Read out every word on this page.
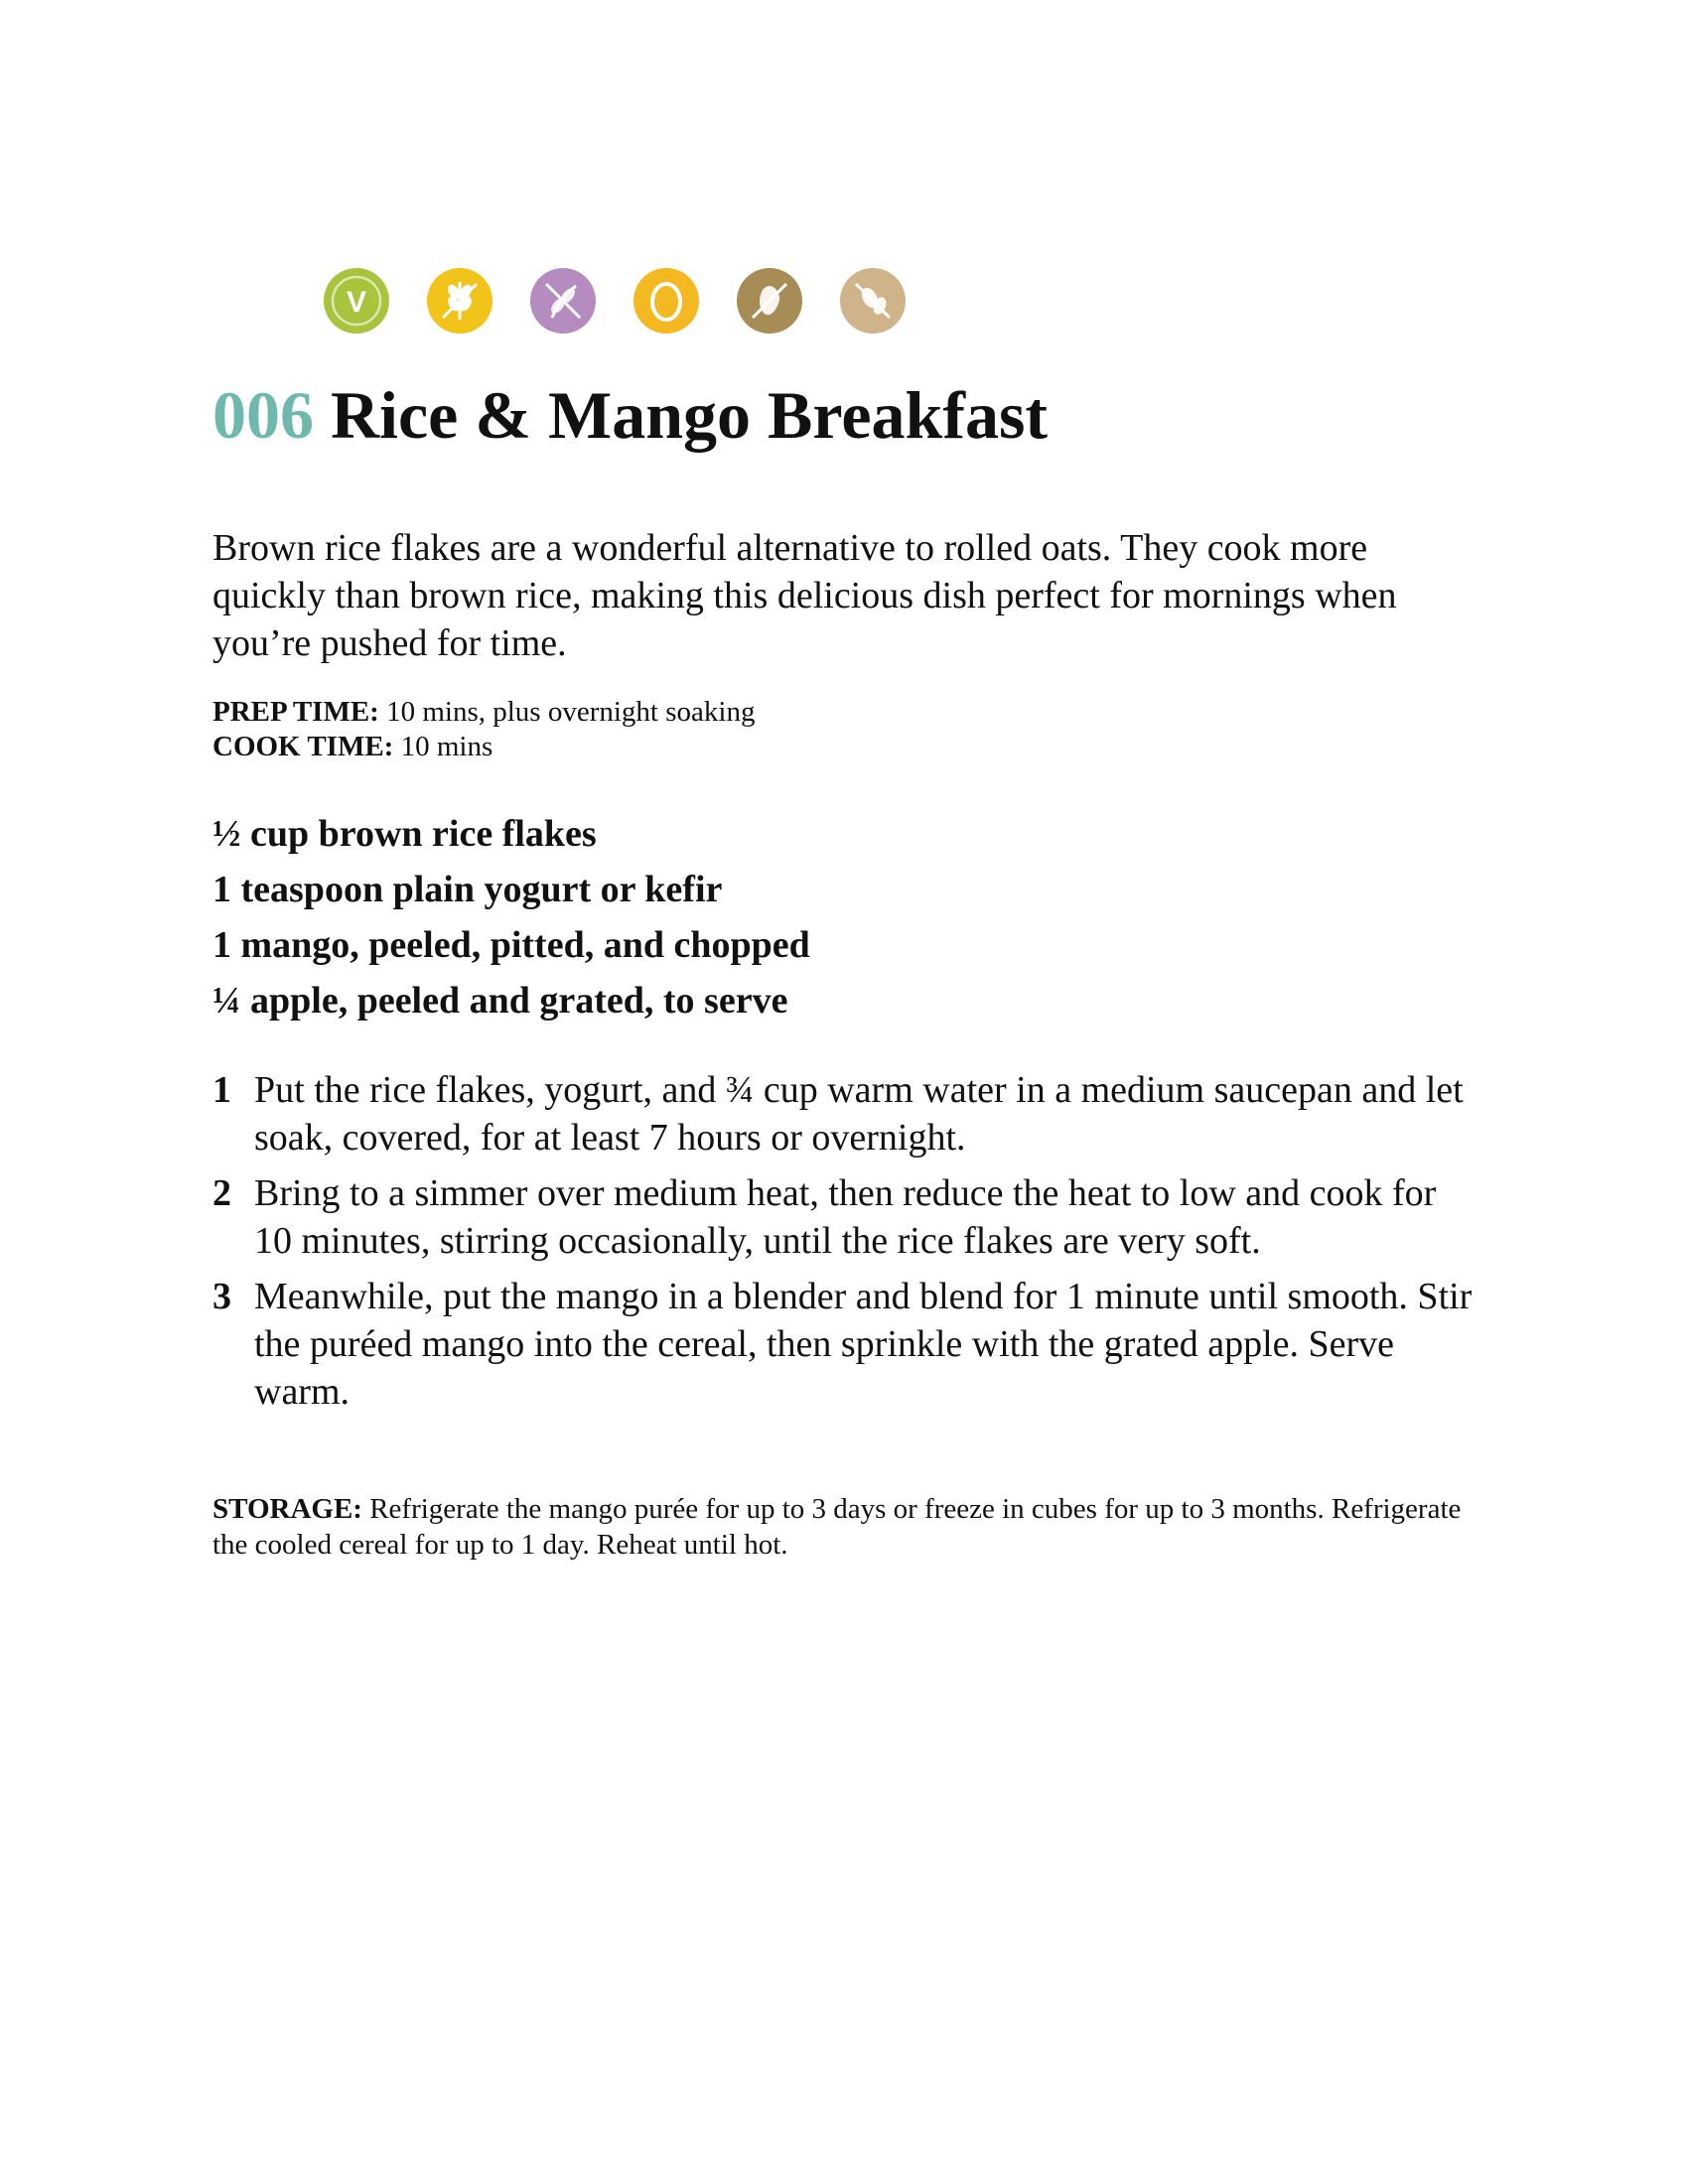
V
006 Rice & Mango Breakfast

Brown rice flakes are a wonderful alternative to rolled oats. They cook more quickly than brown rice, making this delicious dish perfect for mornings when you’re pushed for time.

PREP TIME: 10 mins, plus overnight soaking
COOK TIME: 10 mins
½ cup brown rice flakes
1 teaspoon plain yogurt or kefir
1 mango, peeled, pitted, and chopped
¼ apple, peeled and grated, to serve
1 Put the rice flakes, yogurt, and ¾ cup warm water in a medium saucepan and let soak, covered, for at least 7 hours or overnight.
2 Bring to a simmer over medium heat, then reduce the heat to low and cook for 10 minutes, stirring occasionally, until the rice flakes are very soft.
3 Meanwhile, put the mango in a blender and blend for 1 minute until smooth. Stir the puréed mango into the cereal, then sprinkle with the grated apple. Serve warm.

STORAGE: Refrigerate the mango purée for up to 3 days or freeze in cubes for up to 3 months. Refrigerate the cooled cereal for up to 1 day. Reheat until hot.
